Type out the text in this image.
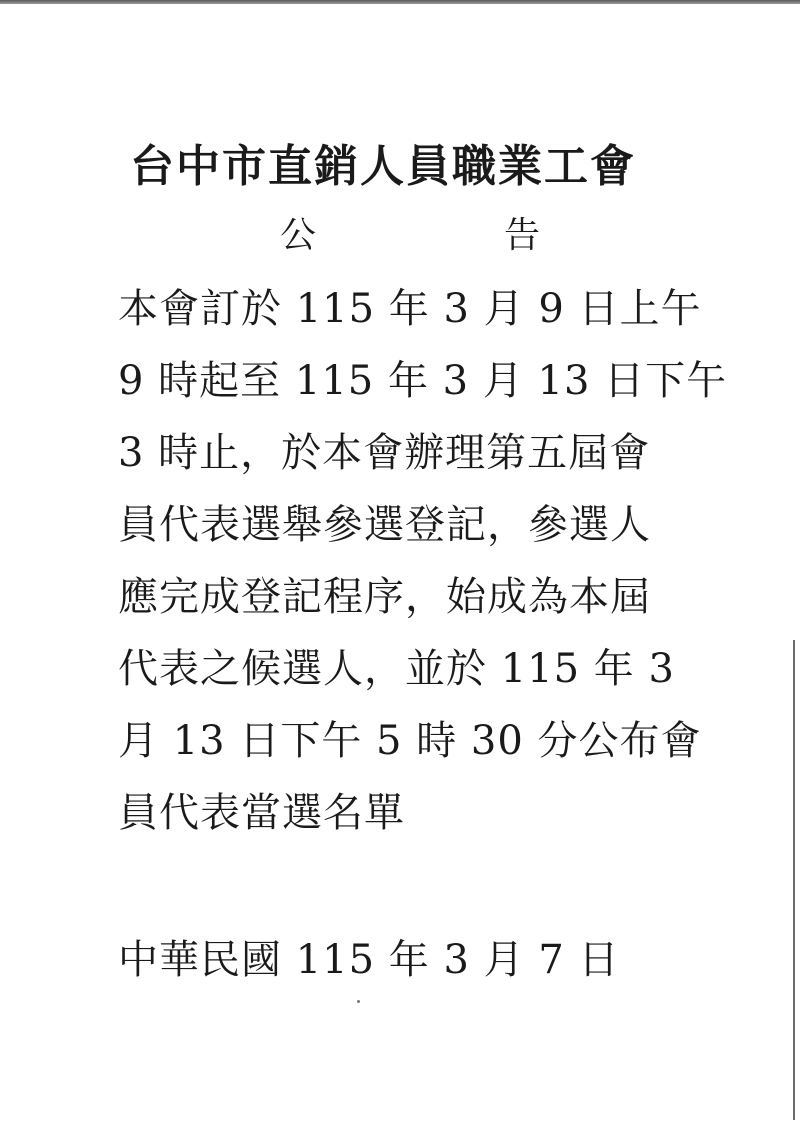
台中市直銷人員職業工會
公	告
本會訂於 115 年 3 月 9 日上午
9 時起至 115 年 3 月 13 日下午
3 時止，於本會辦理第五屆會
員代表選舉參選登記，參選人
應完成登記程序，始成為本屆
代表之候選人，並於 115 年 3
月 13 日下午 5 時 30 分公布會
員代表當選名單
中華民國 115 年 3 月 7 日
